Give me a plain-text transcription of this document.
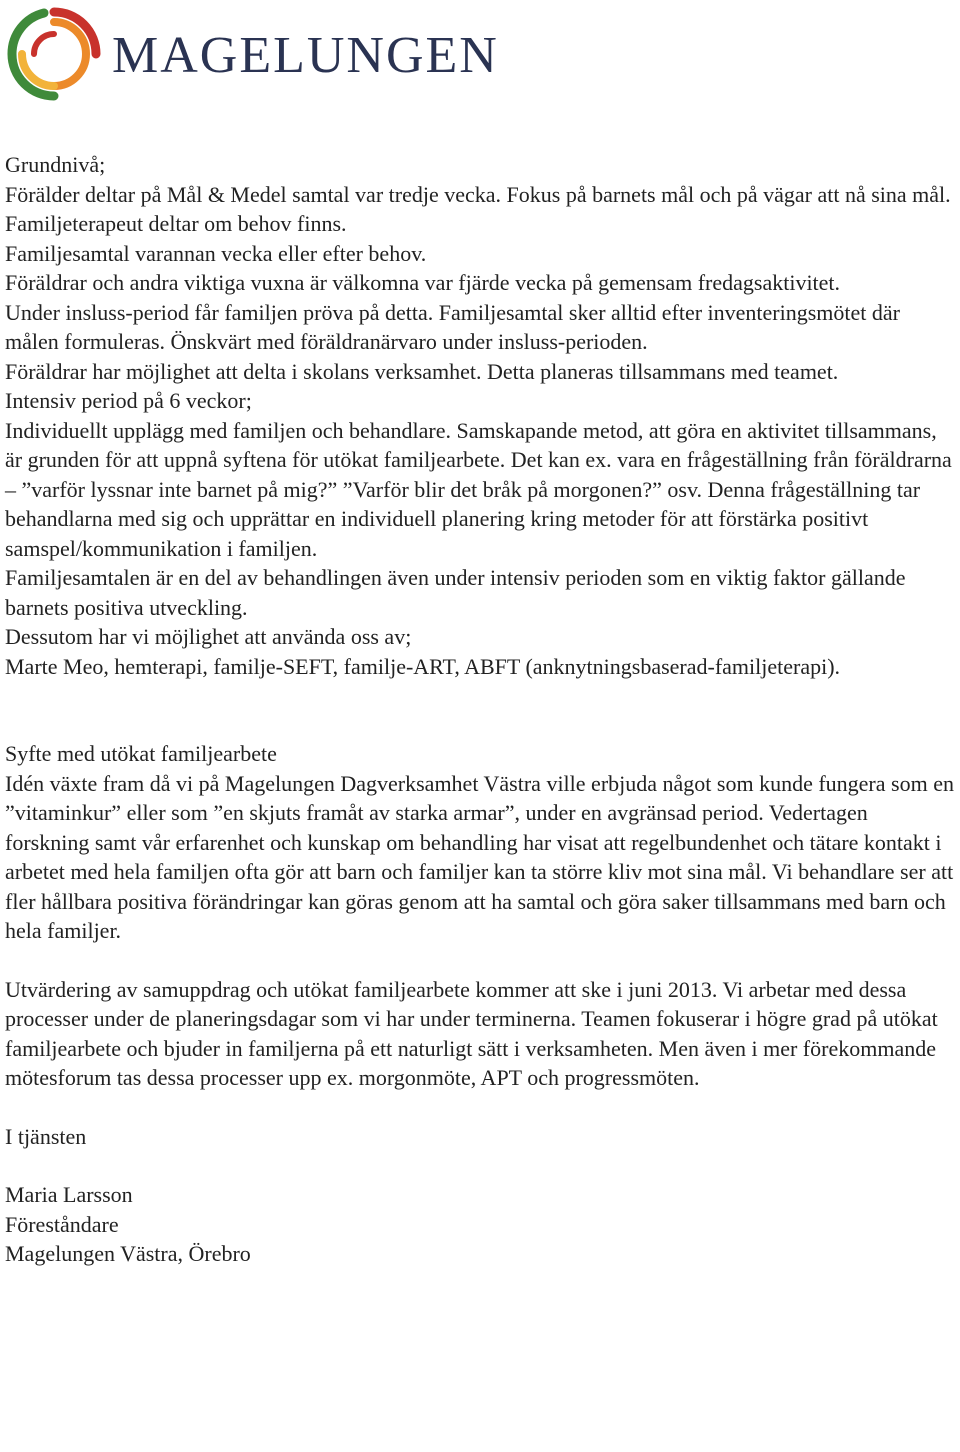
MAGELUNGEN

Grundnivå;

Förälder deltar på Mål & Medel samtal var tredje vecka. Fokus på barnets mål och på vägar att nå sina mål. Familjeterapeut deltar om behov finns.

Familjesamtal varannan vecka eller efter behov.

Föräldrar och andra viktiga vuxna är välkomna var fjärde vecka på gemensam fredagsaktivitet.

Under insluss-period får familjen pröva på detta. Familjesamtal sker alltid efter inventeringsmötet där målen formuleras. Önskvärt med föräldranärvaro under insluss-perioden.

Föräldrar har möjlighet att delta i skolans verksamhet. Detta planeras tillsammans med teamet.

Intensiv period på 6 veckor;

Individuellt upplägg med familjen och behandlare. Samskapande metod, att göra en aktivitet tillsammans, är grunden för att uppnå syftena för utökat familjearbete. Det kan ex. vara en frågeställning från föräldrarna – ”varför lyssnar inte barnet på mig?” ”Varför blir det bråk på morgonen?” osv. Denna frågeställning tar behandlarna med sig och upprättar en individuell planering kring metoder för att förstärka positivt samspel/kommunikation i familjen.

Familjesamtalen är en del av behandlingen även under intensiv perioden som en viktig faktor gällande barnets positiva utveckling.

Dessutom har vi möjlighet att använda oss av;

Marte Meo, hemterapi, familje-SEFT, familje-ART, ABFT (anknytningsbaserad-familjeterapi).

Syfte med utökat familjearbete

Idén växte fram då vi på Magelungen Dagverksamhet Västra ville erbjuda något som kunde fungera som en ”vitaminkur” eller som ”en skjuts framåt av starka armar”, under en avgränsad period. Vedertagen forskning samt vår erfarenhet och kunskap om behandling har visat att regelbundenhet och tätare kontakt i arbetet med hela familjen ofta gör att barn och familjer kan ta större kliv mot sina mål. Vi behandlare ser att fler hållbara positiva förändringar kan göras genom att ha samtal och göra saker tillsammans med barn och hela familjer.

Utvärdering av samuppdrag och utökat familjearbete kommer att ske i juni 2013. Vi arbetar med dessa processer under de planeringsdagar som vi har under terminerna. Teamen fokuserar i högre grad på utökat familjearbete och bjuder in familjerna på ett naturligt sätt i verksamheten. Men även i mer förekommande mötesforum tas dessa processer upp ex. morgonmöte, APT och progressmöten.

I tjänsten

Maria Larsson

Föreståndare

Magelungen Västra, Örebro
